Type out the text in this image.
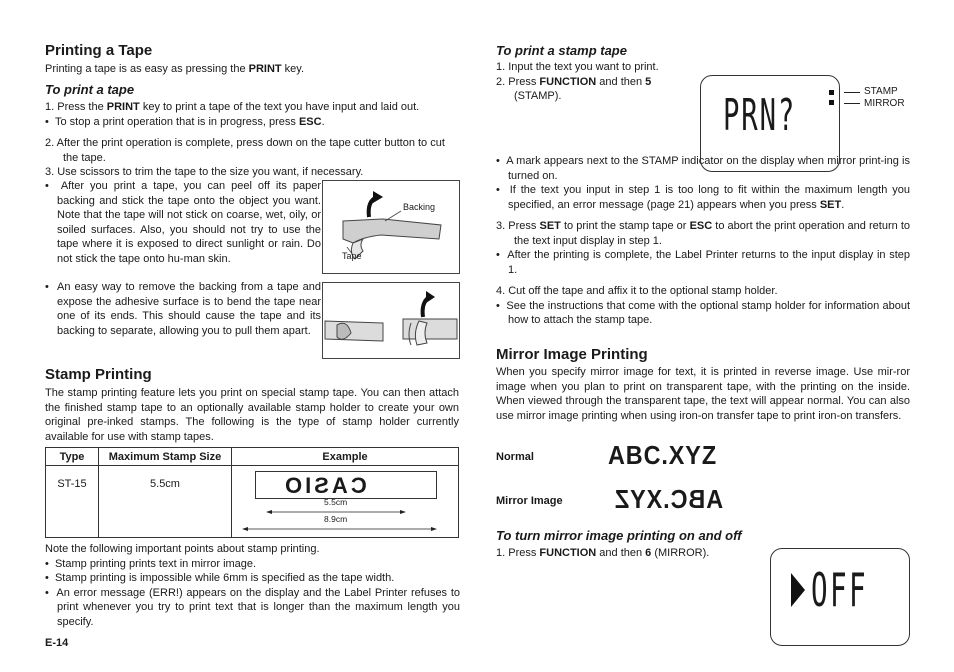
Printing a Tape
Printing a tape is as easy as pressing the PRINT key.
To print a tape
1. Press the PRINT key to print a tape of the text you have input and laid out.
•  To stop a print operation that is in progress, press ESC.
2. After the print operation is complete, press down on the tape cutter button to cut the tape.
3. Use scissors to trim the tape to the size you want, if necessary.
•  After you print a tape, you can peel off its paper backing and stick the tape onto the object you want. Note that the tape will not stick on coarse, wet, oily, or soiled surfaces. Also, you should not try to use the tape where it is exposed to direct sunlight or rain. Do not stick the tape onto hu-man skin.
•  An easy way to remove the backing from a tape and expose the adhesive surface is to bend the tape near one of its ends. This should cause the tape and its backing to separate, allowing you to pull them apart.
Backing
Tape
Stamp Printing
The stamp printing feature lets you print on special stamp tape. You can then attach the finished stamp tape to an optionally available stamp holder to create your own original pre-inked stamps. The following is the type of stamp holder currently available for use with stamp tapes.
Type	Maximum Stamp Size	Example
ST-15	5.5cm	CASIO
5.5cm
8.9cm
Note the following important points about stamp printing.
•  Stamp printing prints text in mirror image.
•  Stamp printing is impossible while 6mm is specified as the tape width.
•  An error message (ERR!) appears on the display and the Label Printer refuses to print whenever you try to print text that is longer than the maximum length you specify.
E-14
To print a stamp tape
1. Input the text you want to print.
2. Press FUNCTION and then 5 (STAMP).	PRN?	STAMP
MIRROR
•  A mark appears next to the STAMP indicator on the display when mirror print-ing is turned on.
•  If the text you input in step 1 is too long to fit within the maximum length you specified, an error message (page 21) appears when you press SET.
3. Press SET to print the stamp tape or ESC to abort the print operation and return to the text input display in step 1.
•  After the printing is complete, the Label Printer returns to the input display in step 1.
4. Cut off the tape and affix it to the optional stamp holder.
•  See the instructions that come with the optional stamp holder for information about how to attach the stamp tape.
Mirror Image Printing
When you specify mirror image for text, it is printed in reverse image. Use mir-ror image when you plan to print on transparent tape, with the printing on the inside. When viewed through the transparent tape, the text will appear normal. You can also use mirror image printing when using iron-on transfer tape to print iron-on transfers.
Normal	ABC.XYZ
Mirror Image ABC.XYZ
To turn mirror image printing on and off
1. Press FUNCTION and then 6 (MIRROR).
OFF
